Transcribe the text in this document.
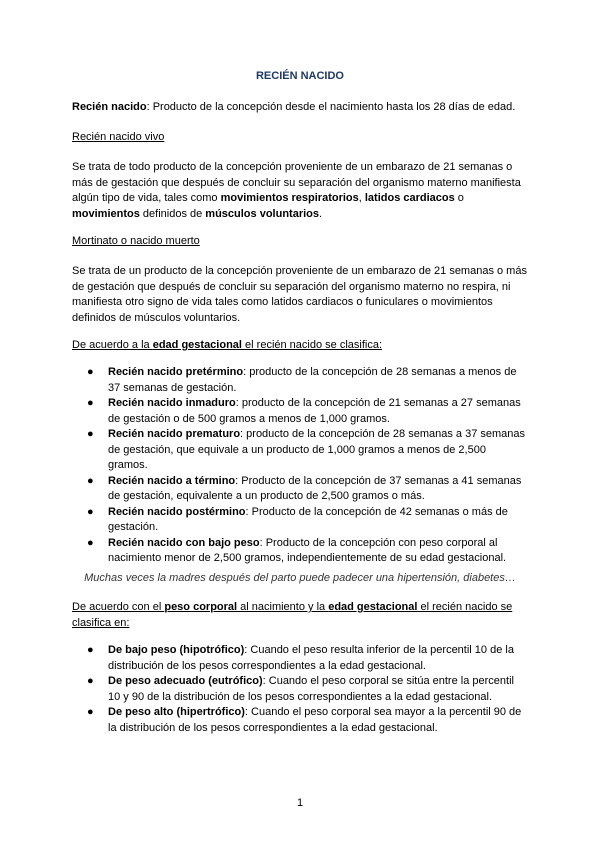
RECIÉN NACIDO

Recién nacido: Producto de la concepción desde el nacimiento hasta los 28 días de edad.

Recién nacido vivo

Se trata de todo producto de la concepción proveniente de un embarazo de 21 semanas o más de gestación que después de concluir su separación del organismo materno manifiesta algún tipo de vida, tales como movimientos respiratorios, latidos cardiacos o movimientos definidos de músculos voluntarios.

Mortinato o nacido muerto

Se trata de un producto de la concepción proveniente de un embarazo de 21 semanas o más de gestación que después de concluir su separación del organismo materno no respira, ni manifiesta otro signo de vida tales como latidos cardiacos o funiculares o movimientos definidos de músculos voluntarios.

De acuerdo a la edad gestacional el recién nacido se clasifica:

● Recién nacido pretérmino: producto de la concepción de 28 semanas a menos de 37 semanas de gestación.
● Recién nacido inmaduro: producto de la concepción de 21 semanas a 27 semanas de gestación o de 500 gramos a menos de 1,000 gramos.
● Recién nacido prematuro: producto de la concepción de 28 semanas a 37 semanas de gestación, que equivale a un producto de 1,000 gramos a menos de 2,500 gramos.
● Recién nacido a término: Producto de la concepción de 37 semanas a 41 semanas de gestación, equivalente a un producto de 2,500 gramos o más.
● Recién nacido postérmino: Producto de la concepción de 42 semanas o más de gestación.
● Recién nacido con bajo peso: Producto de la concepción con peso corporal al nacimiento menor de 2,500 gramos, independientemente de su edad gestacional.

Muchas veces la madres después del parto puede padecer una hipertensión, diabetes…

De acuerdo con el peso corporal al nacimiento y la edad gestacional el recién nacido se clasifica en:

● De bajo peso (hipotrófico): Cuando el peso resulta inferior de la percentil 10 de la distribución de los pesos correspondientes a la edad gestacional.
● De peso adecuado (eutrófico): Cuando el peso corporal se sitúa entre la percentil 10 y 90 de la distribución de los pesos correspondientes a la edad gestacional.
● De peso alto (hipertrófico): Cuando el peso corporal sea mayor a la percentil 90 de la distribución de los pesos correspondientes a la edad gestacional.

1
